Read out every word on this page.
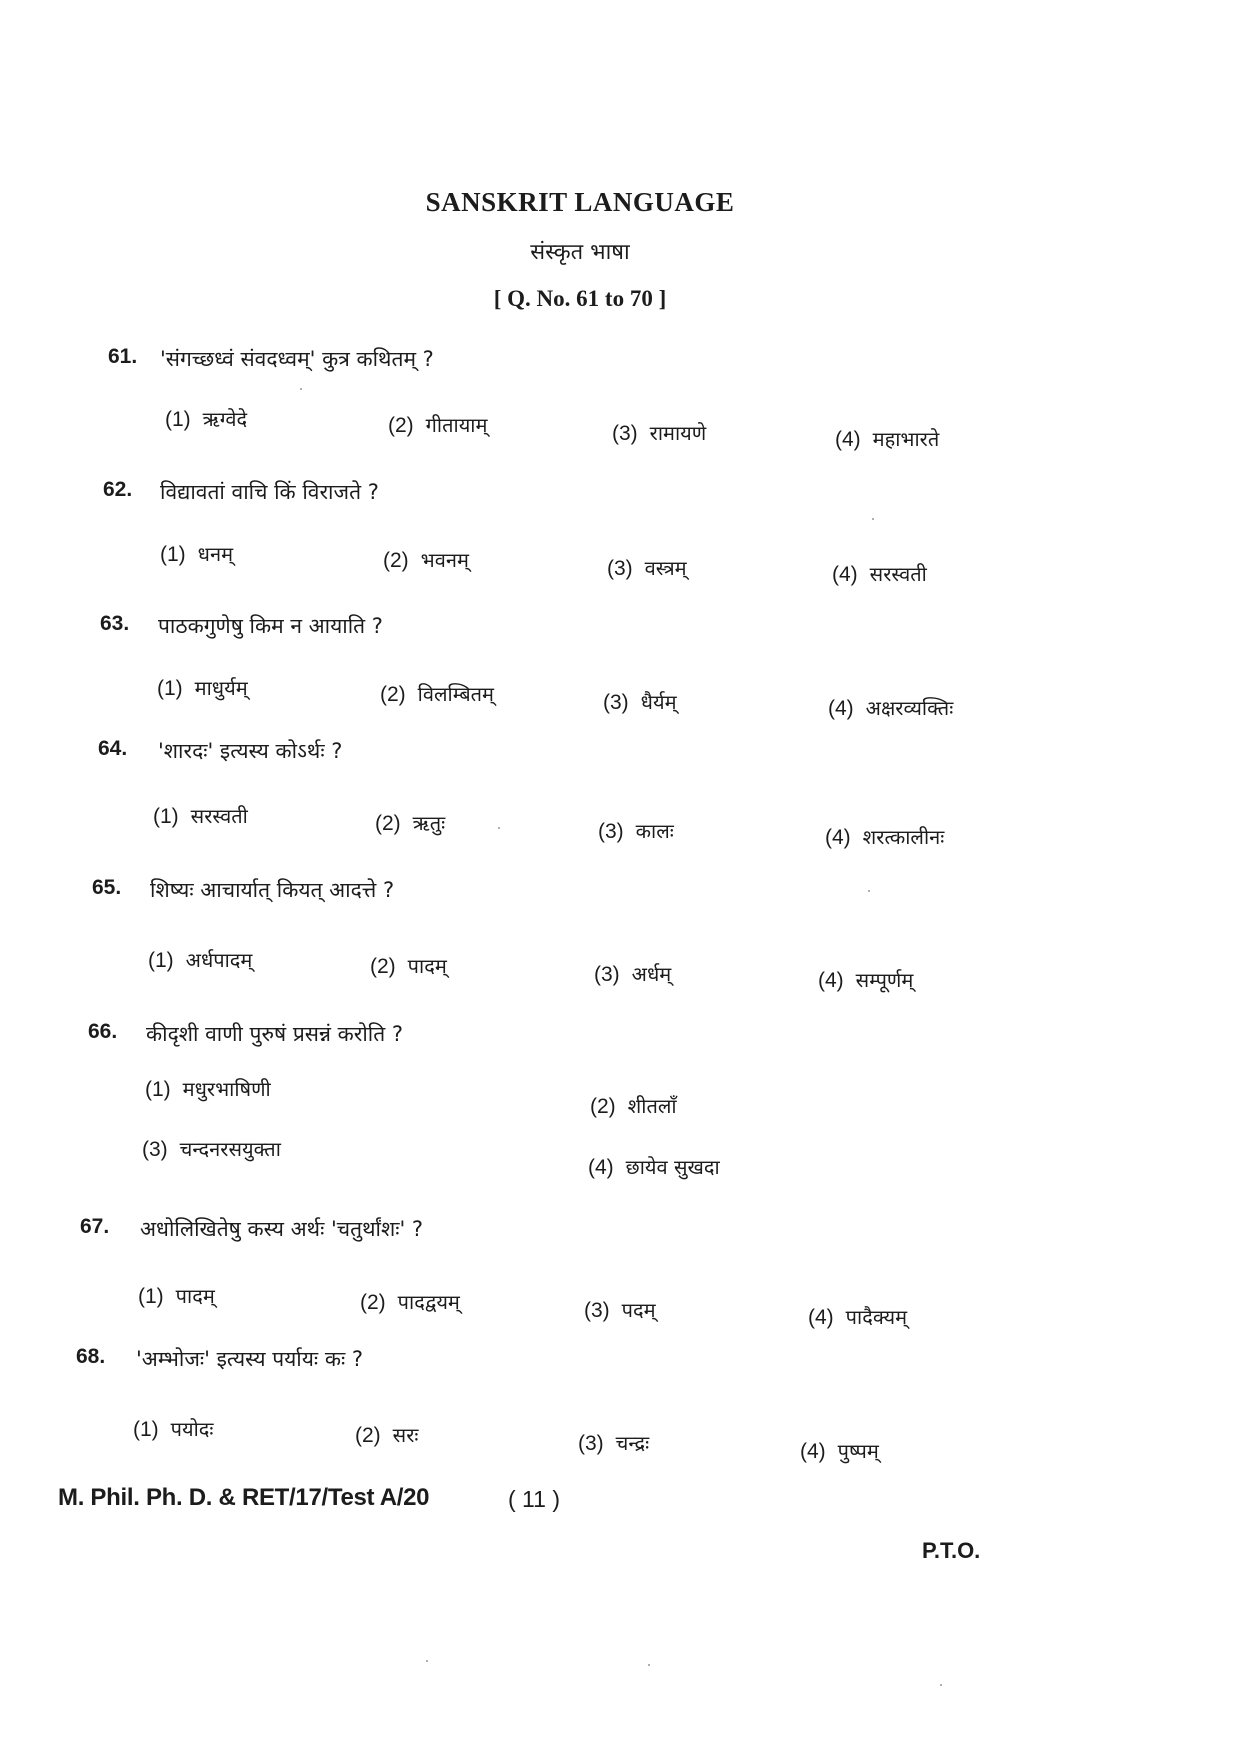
SANSKRIT LANGUAGE
संस्कृत भाषा
[ Q. No. 61 to 70 ]
61. 'संगच्छध्वं संवदध्वम्' कुत्र कथितम् ?
(1) ऋग्वेदे	(2) गीतायाम्	(3) रामायणे	(4) महाभारते
62. विद्यावतां वाचि किं विराजते ?
(1) धनम्	(2) भवनम्	(3) वस्त्रम्	(4) सरस्वती
63. पाठकगुणेषु किम न आयाति ?
(1) माधुर्यम्	(2) विलम्बितम्	(3) धैर्यम्	(4) अक्षरव्यक्तिः
64. 'शारदः' इत्यस्य कोऽर्थः ?
(1) सरस्वती	(2) ऋतुः	(3) कालः	(4) शरत्कालीनः
65. शिष्यः आचार्यात् कियत् आदत्ते ?
(1) अर्धपादम्	(2) पादम्	(3) अर्धम्	(4) सम्पूर्णम्
66. कीदृशी वाणी पुरुषं प्रसन्नं करोति ?
(1) मधुरभाषिणी
(2) शीतलाँ
(3) चन्दनरसयुक्ता
(4) छायेव सुखदा
67. अधोलिखितेषु कस्य अर्थः 'चतुर्थांशः' ?
(1) पादम्	(2) पादद्वयम्	(3) पदम्	(4) पादैक्यम्
68. 'अम्भोजः' इत्यस्य पर्यायः कः ?
(1) पयोदः	(2) सरः	(3) चन्द्रः	(4) पुष्पम्
M. Phil. Ph. D. & RET/17/Test A/20	( 11 )
P.T.O.
